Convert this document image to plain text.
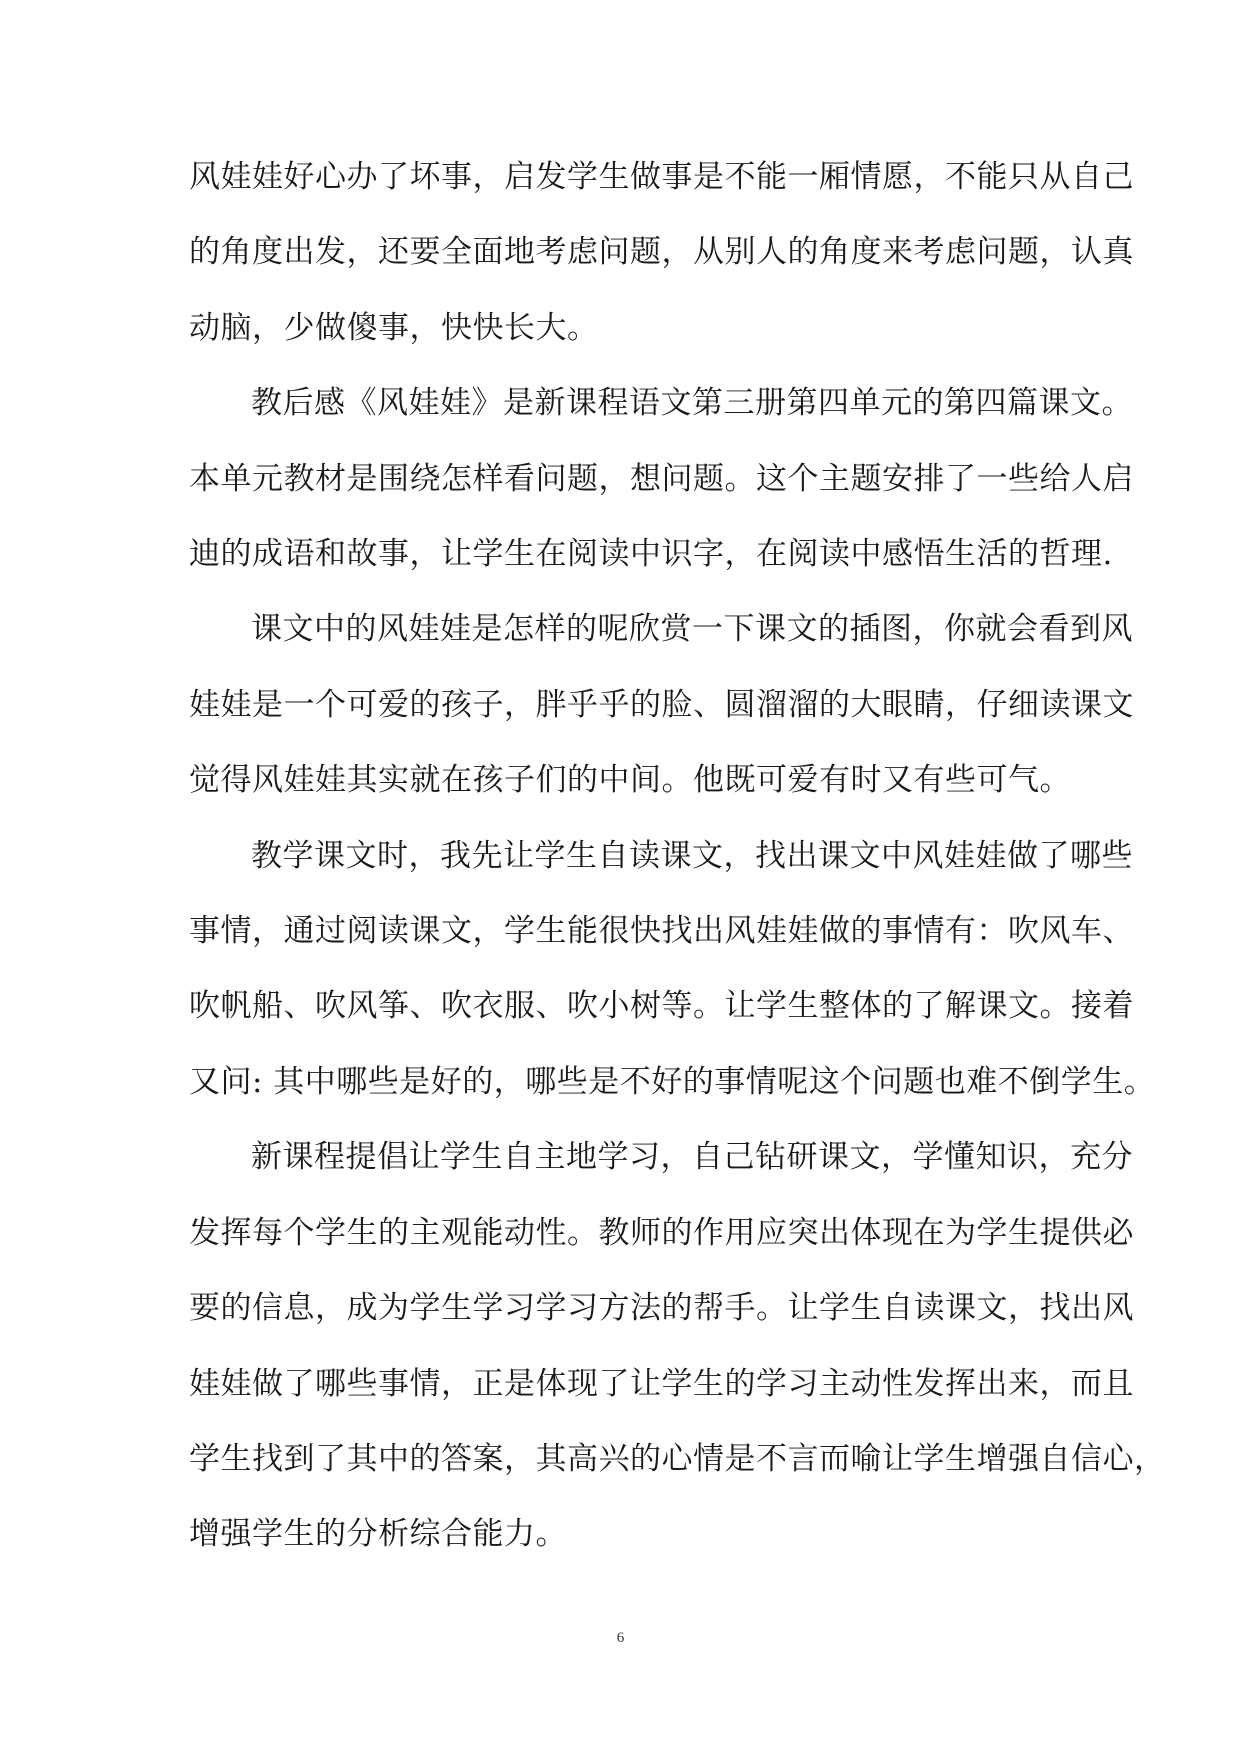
风娃娃好心办了坏事，启发学生做事是不能一厢情愿，不能只从自己
的角度出发，还要全面地考虑问题，从别人的角度来考虑问题，认真
动脑，少做傻事，快快长大。

教后感《风娃娃》是新课程语文第三册第四单元的第四篇课文。
本单元教材是围绕怎样看问题，想问题。这个主题安排了一些给人启
迪的成语和故事，让学生在阅读中识字，在阅读中感悟生活的哲理.

课文中的风娃娃是怎样的呢欣赏一下课文的插图，你就会看到风
娃娃是一个可爱的孩子，胖乎乎的脸、圆溜溜的大眼睛，仔细读课文
觉得风娃娃其实就在孩子们的中间。他既可爱有时又有些可气。

教学课文时，我先让学生自读课文，找出课文中风娃娃做了哪些
事情，通过阅读课文，学生能很快找出风娃娃做的事情有：吹风车、
吹帆船、吹风筝、吹衣服、吹小树等。让学生整体的了解课文。接着
又问: 其中哪些是好的，哪些是不好的事情呢这个问题也难不倒学生。

新课程提倡让学生自主地学习，自己钻研课文，学懂知识，充分
发挥每个学生的主观能动性。教师的作用应突出体现在为学生提供必
要的信息，成为学生学习学习方法的帮手。让学生自读课文，找出风
娃娃做了哪些事情，正是体现了让学生的学习主动性发挥出来，而且
学生找到了其中的答案，其高兴的心情是不言而喻让学生增强自信心，
增强学生的分析综合能力。

6
